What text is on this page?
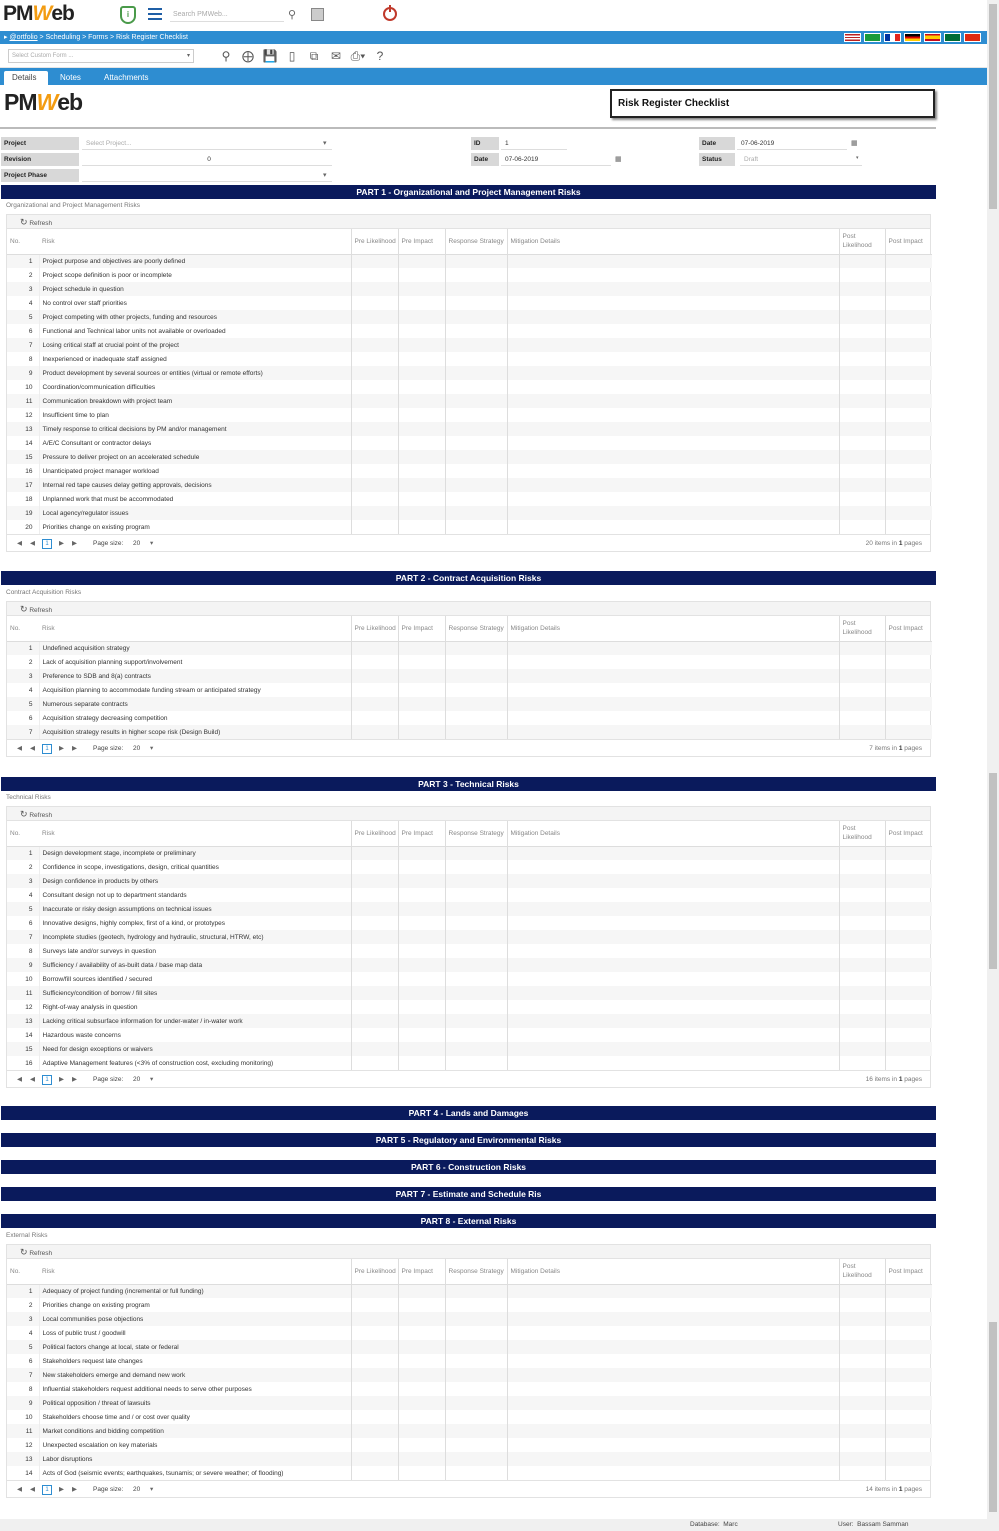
PMWeb	i	Search PMWeb...	⚲
▸ @ortfolio > Scheduling > Forms > Risk Register Checklist
Select Custom Form ...	▾	⚲ ⨁ 💾 ▯	⧉	✉ ⎙▾ ?
Details	Notes	Attachments
PMWeb	Risk Register Checklist
Project	Select Project...	▾
Revision	0
Project Phase	▾
ID	1
Date	07-06-2019	▦
Date	07-06-2019	▦
Status	Draft	▾
PART 1 - Organizational and Project Management Risks
Organizational and Project Management Risks
↻ Refresh
No.	Risk	Pre Likelihood	Pre Impact	Response Strategy	Mitigation Details	Post Likelihood	Post Impact
1	Project purpose and objectives are poorly defined						
2	Project scope definition is poor or incomplete						
3	Project schedule in question						
4	No control over staff priorities						
5	Project competing with other projects, funding and resources						
6	Functional and Technical labor units not available or overloaded						
7	Losing critical staff at crucial point of the project						
8	Inexperienced or inadequate staff assigned						
9	Product development by several sources or entities (virtual or remote efforts)						
10	Coordination/communication difficulties						
11	Communication breakdown with project team						
12	Insufficient time to plan						
13	Timely response to critical decisions by PM and/or management						
14	A/E/C Consultant or contractor delays						
15	Pressure to deliver project on an accelerated schedule						
16	Unanticipated project manager workload						
17	Internal red tape causes delay getting approvals, decisions						
18	Unplanned work that must be accommodated						
19	Local agency/regulator issues						
20	Priorities change on existing program						
◀◀ 1	▶▶ Page size: 20 ▾	20 items in 1 pages
PART 2 - Contract Acquisition Risks
Contract Acquisition Risks
↻ Refresh
No.	Risk	Pre Likelihood	Pre Impact	Response Strategy	Mitigation Details	Post Likelihood	Post Impact
1	Undefined acquisition strategy						
2	Lack of acquisition planning support/involvement						
3	Preference to SDB and 8(a) contracts						
4	Acquisition planning to accommodate funding stream or anticipated strategy						
5	Numerous separate contracts						
6	Acquisition strategy decreasing competition						
7	Acquisition strategy results in higher scope risk (Design Build)						
◀◀ 1	▶▶ Page size: 20 ▾	7 items in 1 pages
PART 3 - Technical Risks
Technical Risks
↻ Refresh
No.	Risk	Pre Likelihood	Pre Impact	Response Strategy	Mitigation Details	Post Likelihood	Post Impact
1	Design development stage, incomplete or preliminary						
2	Confidence in scope, investigations, design, critical quantities						
3	Design confidence in products by others						
4	Consultant design not up to department standards						
5	Inaccurate or risky design assumptions on technical issues						
6	Innovative designs, highly complex, first of a kind, or prototypes						
7	Incomplete studies (geotech, hydrology and hydraulic, structural, HTRW, etc)						
8	Surveys late and/or surveys in question						
9	Sufficiency / availability of as-built data / base map data						
10	Borrow/fill sources identified / secured						
11	Sufficiency/condition of borrow / fill sites						
12	Right-of-way analysis in question						
13	Lacking critical subsurface information for under-water / in-water work						
14	Hazardous waste concerns						
15	Need for design exceptions or waivers						
16	Adaptive Management features (<3% of construction cost, excluding monitoring)						
◀◀ 1	▶▶ Page size: 20 ▾	16 items in 1 pages
PART 4 - Lands and Damages
PART 5 - Regulatory and Environmental Risks
PART 6 - Construction Risks
PART 7 - Estimate and Schedule Ris
PART 8 - External Risks
External Risks
↻ Refresh
No.	Risk	Pre Likelihood	Pre Impact	Response Strategy	Mitigation Details	Post Likelihood	Post Impact
1	Adequacy of project funding (incremental or full funding)						
2	Priorities change on existing program						
3	Local communities pose objections						
4	Loss of public trust / goodwill						
5	Political factors change at local, state or federal						
6	Stakeholders request late changes						
7	New stakeholders emerge and demand new work						
8	Influential stakeholders request additional needs to serve other purposes						
9	Political opposition / threat of lawsuits						
10	Stakeholders choose time and / or cost over quality						
11	Market conditions and bidding competition						
12	Unexpected escalation on key materials						
13	Labor disruptions						
14	Acts of God (seismic events; earthquakes, tsunamis; or severe weather; of flooding)						
◀◀ 1	▶▶ Page size: 20 ▾	14 items in 1 pages
Database: Marc	User: Bassam Samman
